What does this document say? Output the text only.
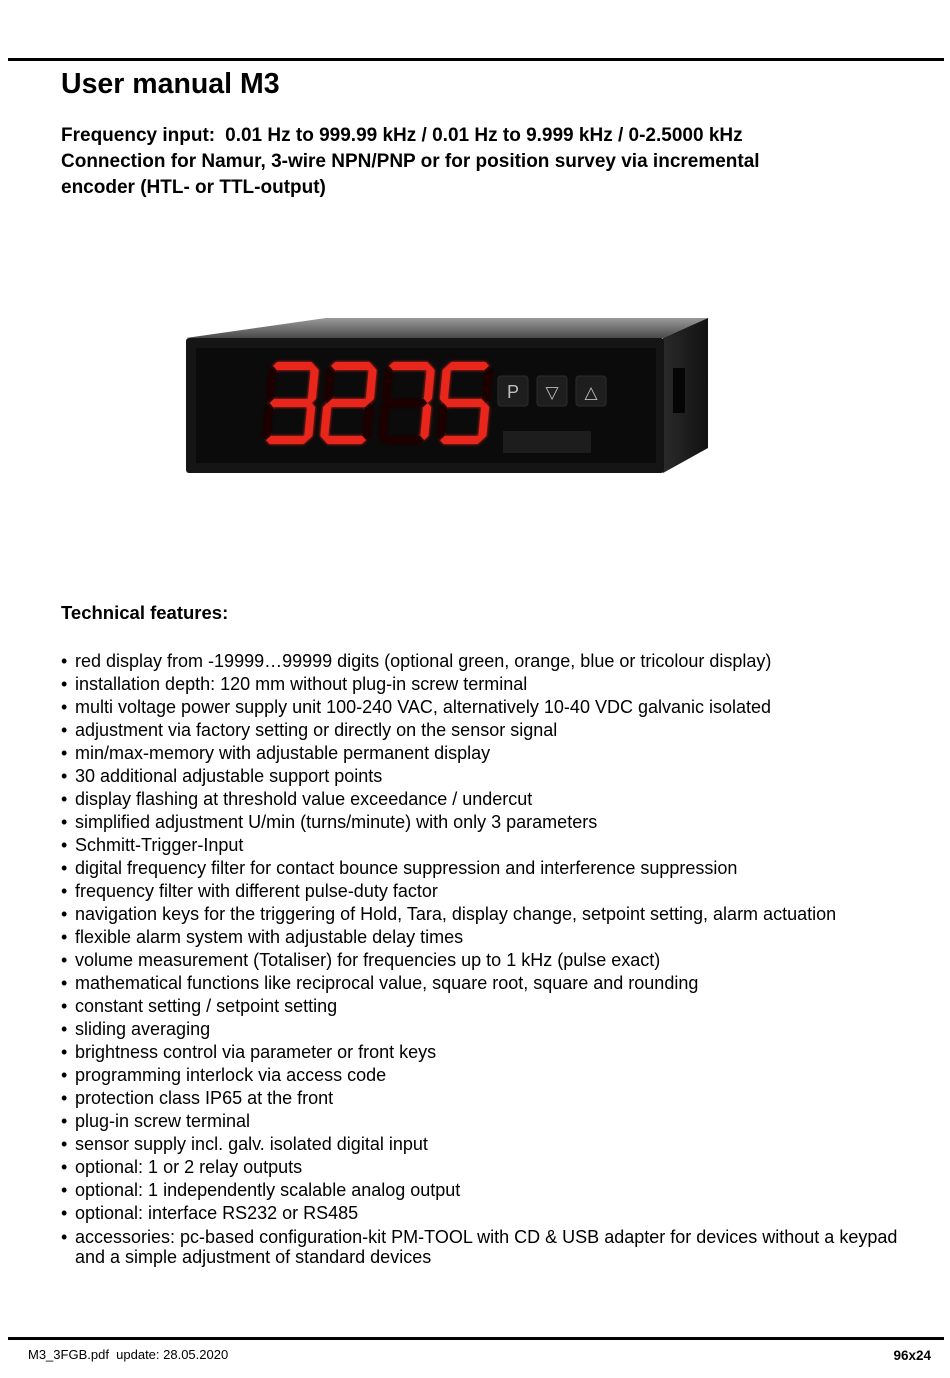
User manual M3
Frequency input: 0.01 Hz to 999.99 kHz / 0.01 Hz to 9.999 kHz / 0-2.5000 kHz
Connection for Namur, 3-wire NPN/PNP or for position survey via incremental
encoder (HTL- or TTL-output)
P ▽ △
Technical features:
• red display from -19999…99999 digits (optional green, orange, blue or tricolour display)
• installation depth: 120 mm without plug-in screw terminal
• multi voltage power supply unit 100-240 VAC, alternatively 10-40 VDC galvanic isolated
• adjustment via factory setting or directly on the sensor signal
• min/max-memory with adjustable permanent display
• 30 additional adjustable support points
• display flashing at threshold value exceedance / undercut
• simplified adjustment U/min (turns/minute) with only 3 parameters
• Schmitt-Trigger-Input
• digital frequency filter for contact bounce suppression and interference suppression
• frequency filter with different pulse-duty factor
• navigation keys for the triggering of Hold, Tara, display change, setpoint setting, alarm actuation
• flexible alarm system with adjustable delay times
• volume measurement (Totaliser) for frequencies up to 1 kHz (pulse exact)
• mathematical functions like reciprocal value, square root, square and rounding
• constant setting / setpoint setting
• sliding averaging
• brightness control via parameter or front keys
• programming interlock via access code
• protection class IP65 at the front
• plug-in screw terminal
• sensor supply incl. galv. isolated digital input
• optional: 1 or 2 relay outputs
• optional: 1 independently scalable analog output
• optional: interface RS232 or RS485
• accessories: pc-based configuration-kit PM-TOOL with CD & USB adapter for devices without a keypad and a simple adjustment of standard devices
M3_3FGB.pdf  update: 28.05.2020	96x24
